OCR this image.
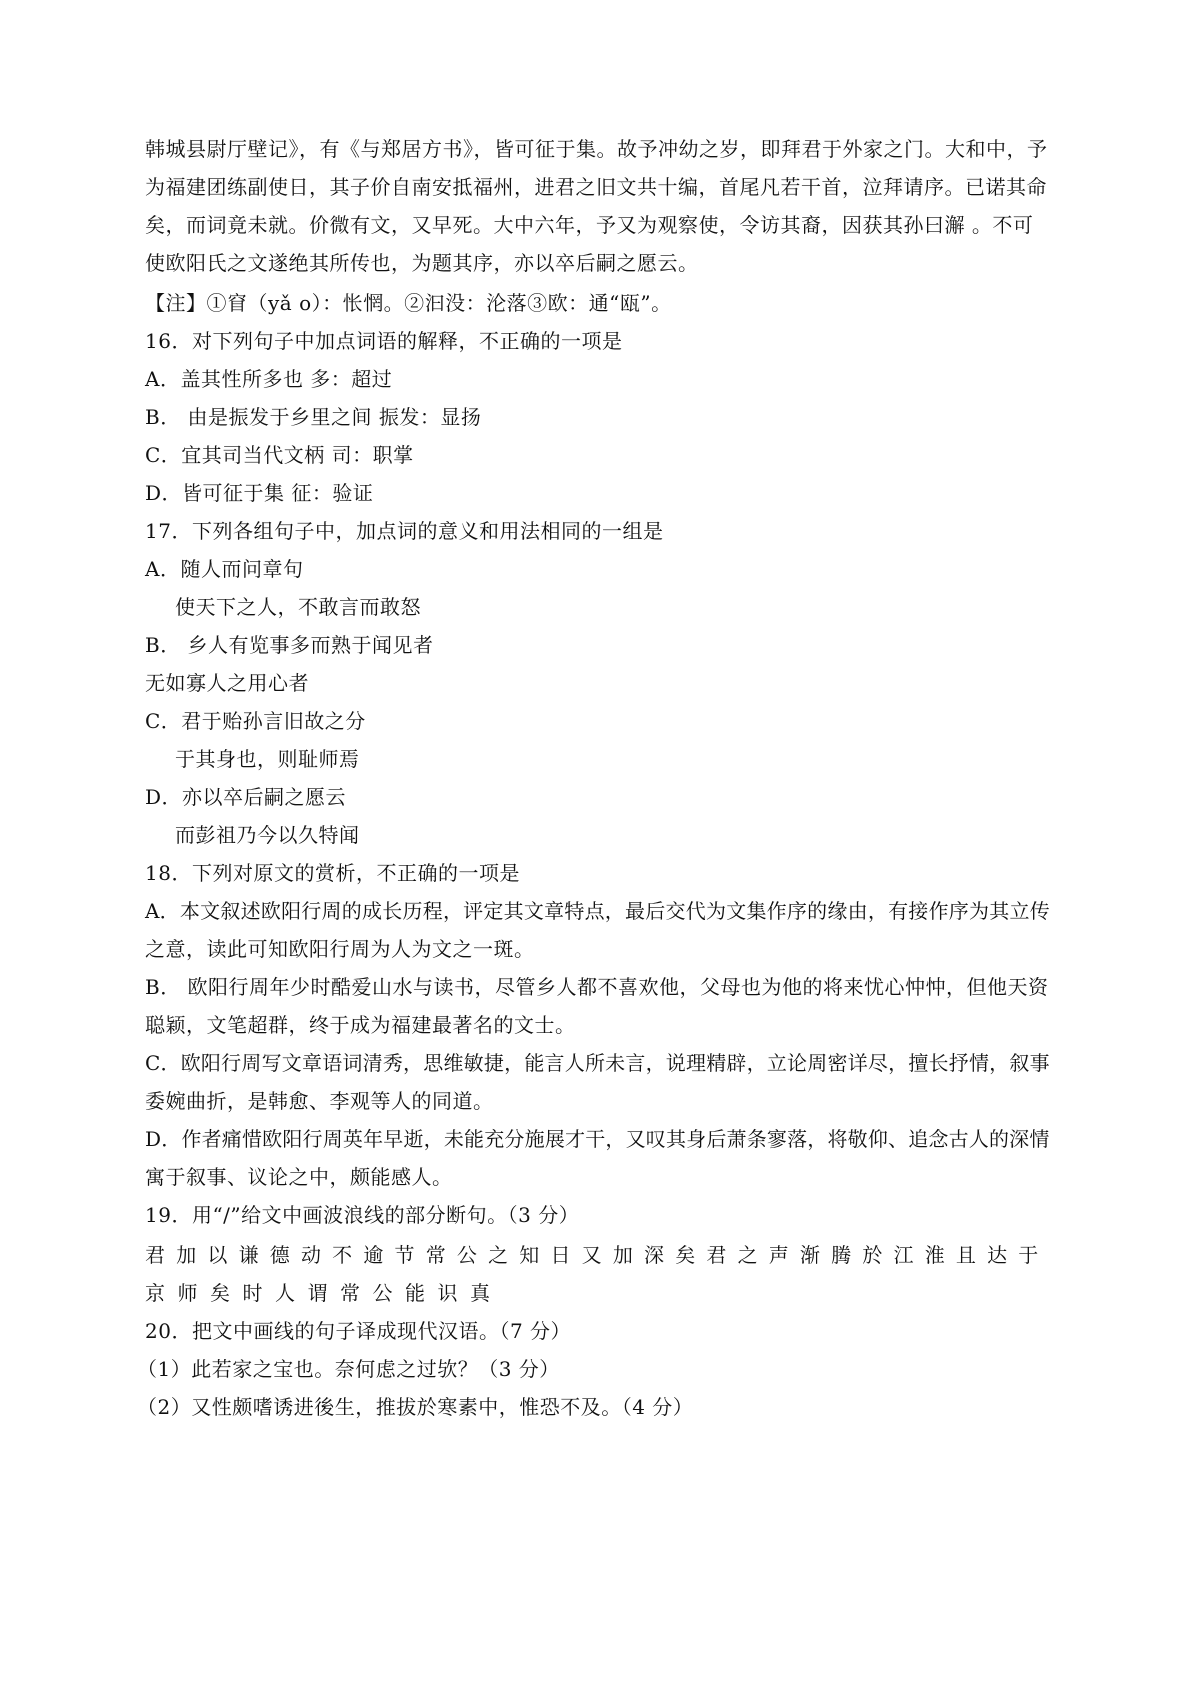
韩城县尉厅壁记》，有《与郑居方书》，皆可征于集。故予冲幼之岁，即拜君于外家之门。大和中，予
为福建团练副使日，其子价自南安抵福州，进君之旧文共十编，首尾凡若干首，泣拜请序。已诺其命
矣，而词竟未就。价微有文，又早死。大中六年，予又为观察使，令访其裔，因获其孙曰澥 。不可
使欧阳氏之文遂绝其所传也，为题其序，亦以卒后嗣之愿云。
【注】①窅（yǎ o）：怅惘。②汩没：沦落③欧：通“瓯”。
16．对下列句子中加点词语的解释，不正确的一项是
A．盖其性所多也 多：超过
B． 由是振发于乡里之间 振发：显扬
C．宜其司当代文柄 司：职掌
D．皆可征于集 征：验证
17．下列各组句子中，加点词的意义和用法相同的一组是
A．随人而问章句
使天下之人，不敢言而敢怒
B． 乡人有览事多而熟于闻见者
无如寡人之用心者
C．君于贻孙言旧故之分
于其身也，则耻师焉
D．亦以卒后嗣之愿云
而彭祖乃今以久特闻
18．下列对原文的赏析，不正确的一项是
A．本文叙述欧阳行周的成长历程，评定其文章特点，最后交代为文集作序的缘由，有接作序为其立传
之意，读此可知欧阳行周为人为文之一斑。
B． 欧阳行周年少时酷爱山水与读书，尽管乡人都不喜欢他，父母也为他的将来忧心忡忡，但他天资
聪颖，文笔超群，终于成为福建最著名的文士。
C．欧阳行周写文章语词清秀，思维敏捷，能言人所未言，说理精辟，立论周密详尽，擅长抒情，叙事
委婉曲折，是韩愈、李观等人的同道。
D．作者痛惜欧阳行周英年早逝，未能充分施展才干，又叹其身后萧条寥落，将敬仰、追念古人的深情
寓于叙事、议论之中，颇能感人。
19．用“/”给文中画波浪线的部分断句。（3 分）
君加以谦德动不逾节常公之知日又加深矣君之声渐腾於江淮且达于
京师矣时人谓常公能识真
20．把文中画线的句子译成现代汉语。（7 分）
（1）此若家之宝也。奈何虑之过欤？（3 分）
（2）又性颇嗜诱进後生，推拔於寒素中，惟恐不及。（4 分）
